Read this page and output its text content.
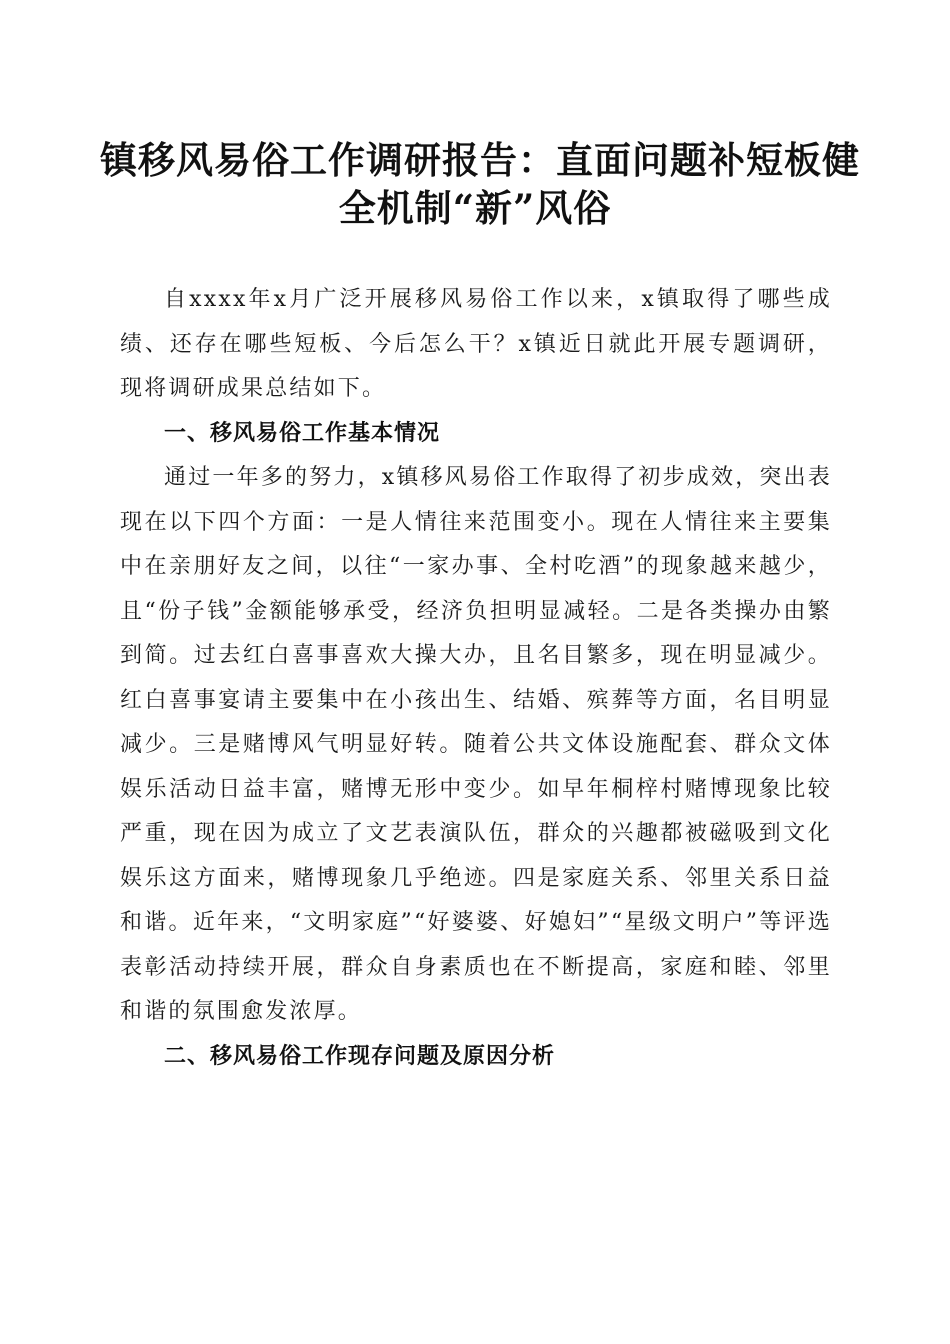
镇移风易俗工作调研报告：直面问题补短板健
全机制“新”风俗

自xxxx年x月广泛开展移风易俗工作以来，x镇取得了哪些成绩、还存在哪些短板、今后怎么干？x镇近日就此开展专题调研，现将调研成果总结如下。

一、移风易俗工作基本情况

通过一年多的努力，x镇移风易俗工作取得了初步成效，突出表现在以下四个方面：一是人情往来范围变小。现在人情往来主要集中在亲朋好友之间，以往“一家办事、全村吃酒”的现象越来越少，且“份子钱”金额能够承受，经济负担明显减轻。二是各类操办由繁到简。过去红白喜事喜欢大操大办，且名目繁多，现在明显减少。红白喜事宴请主要集中在小孩出生、结婚、殡葬等方面，名目明显减少。三是赌博风气明显好转。随着公共文体设施配套、群众文体娱乐活动日益丰富，赌博无形中变少。如早年桐梓村赌博现象比较严重，现在因为成立了文艺表演队伍，群众的兴趣都被磁吸到文化娱乐这方面来，赌博现象几乎绝迹。四是家庭关系、邻里关系日益和谐。近年来，“文明家庭”“好婆婆、好媳妇”“星级文明户”等评选表彰活动持续开展，群众自身素质也在不断提高，家庭和睦、邻里和谐的氛围愈发浓厚。

二、移风易俗工作现存问题及原因分析
